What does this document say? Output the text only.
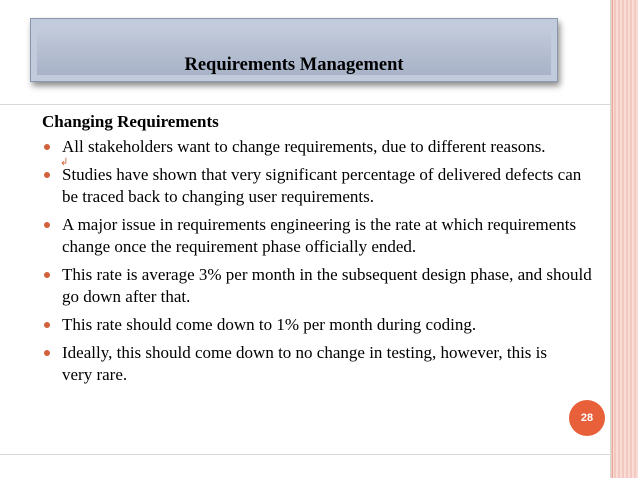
Requirements Management
Changing Requirements
All stakeholders want to change requirements, due to different reasons.
Studies have shown that very significant percentage of delivered defects can be traced back to changing user requirements.
A major issue in requirements engineering is the rate at which requirements change once the requirement phase officially ended.
This rate is average 3% per month in the subsequent design phase, and should go down after that.
This rate should come down to 1% per month during coding.
Ideally, this should come down to no change in testing, however, this is very rare.
↲
28
